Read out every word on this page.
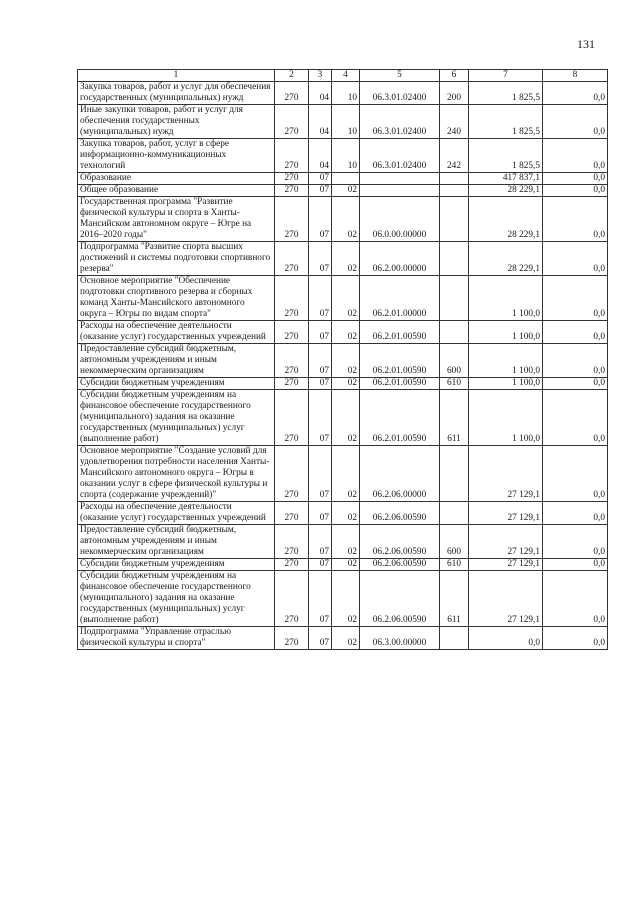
131
1	2	3	4	5	6	7	8
Закупка товаров, работ и услуг для обеспечения государственных (муниципальных) нужд	270	04	10	06.3.01.02400	200	1 825,5	0,0
Иные закупки товаров, работ и услуг для обеспечения государственных (муниципальных) нужд	270	04	10	06.3.01.02400	240	1 825,5	0,0
Закупка товаров, работ, услуг в сфере информационно-коммуникационных технологий	270	04	10	06.3.01.02400	242	1 825,5	0,0
Образование	270	07				417 837,1	0,0
Общее образование	270	07	02			28 229,1	0,0
Государственная программа "Развитие физической культуры и спорта в Ханты-Мансийском автономном округе – Югре на 2016–2020 годы"	270	07	02	06.0.00.00000		28 229,1	0,0
Подпрограмма "Развитие спорта высших достижений и системы подготовки спортивного резерва"	270	07	02	06.2.00.00000		28 229,1	0,0
Основное мероприятие "Обеспечение подготовки спортивного резерва и сборных команд Ханты-Мансийского автономного округа – Югры по видам спорта"	270	07	02	06.2.01.00000		1 100,0	0,0
Расходы на обеспечение деятельности (оказание услуг) государственных учреждений	270	07	02	06.2.01.00590		1 100,0	0,0
Предоставление субсидий бюджетным, автономным учреждениям и иным некоммерческим организациям	270	07	02	06.2.01.00590	600	1 100,0	0,0
Субсидии бюджетным учреждениям	270	07	02	06.2.01.00590	610	1 100,0	0,0
Субсидии бюджетным учреждениям на финансовое обеспечение государственного (муниципального) задания на оказание государственных (муниципальных) услуг (выполнение работ)	270	07	02	06.2.01.00590	611	1 100,0	0,0
Основное мероприятие "Создание условий для удовлетворения потребности населения Ханты-Мансийского автономного округа – Югры в оказании услуг в сфере физической культуры и спорта (содержание учреждений)"	270	07	02	06.2.06.00000		27 129,1	0,0
Расходы на обеспечение деятельности (оказание услуг) государственных учреждений	270	07	02	06.2.06.00590		27 129,1	0,0
Предоставление субсидий бюджетным, автономным учреждениям и иным некоммерческим организациям	270	07	02	06.2.06.00590	600	27 129,1	0,0
Субсидии бюджетным учреждениям	270	07	02	06.2.06.00590	610	27 129,1	0,0
Субсидии бюджетным учреждениям на финансовое обеспечение государственного (муниципального) задания на оказание государственных (муниципальных) услуг (выполнение работ)	270	07	02	06.2.06.00590	611	27 129,1	0,0
Подпрограмма "Управление отраслью физической культуры и спорта"	270	07	02	06.3.00.00000		0,0	0,0
